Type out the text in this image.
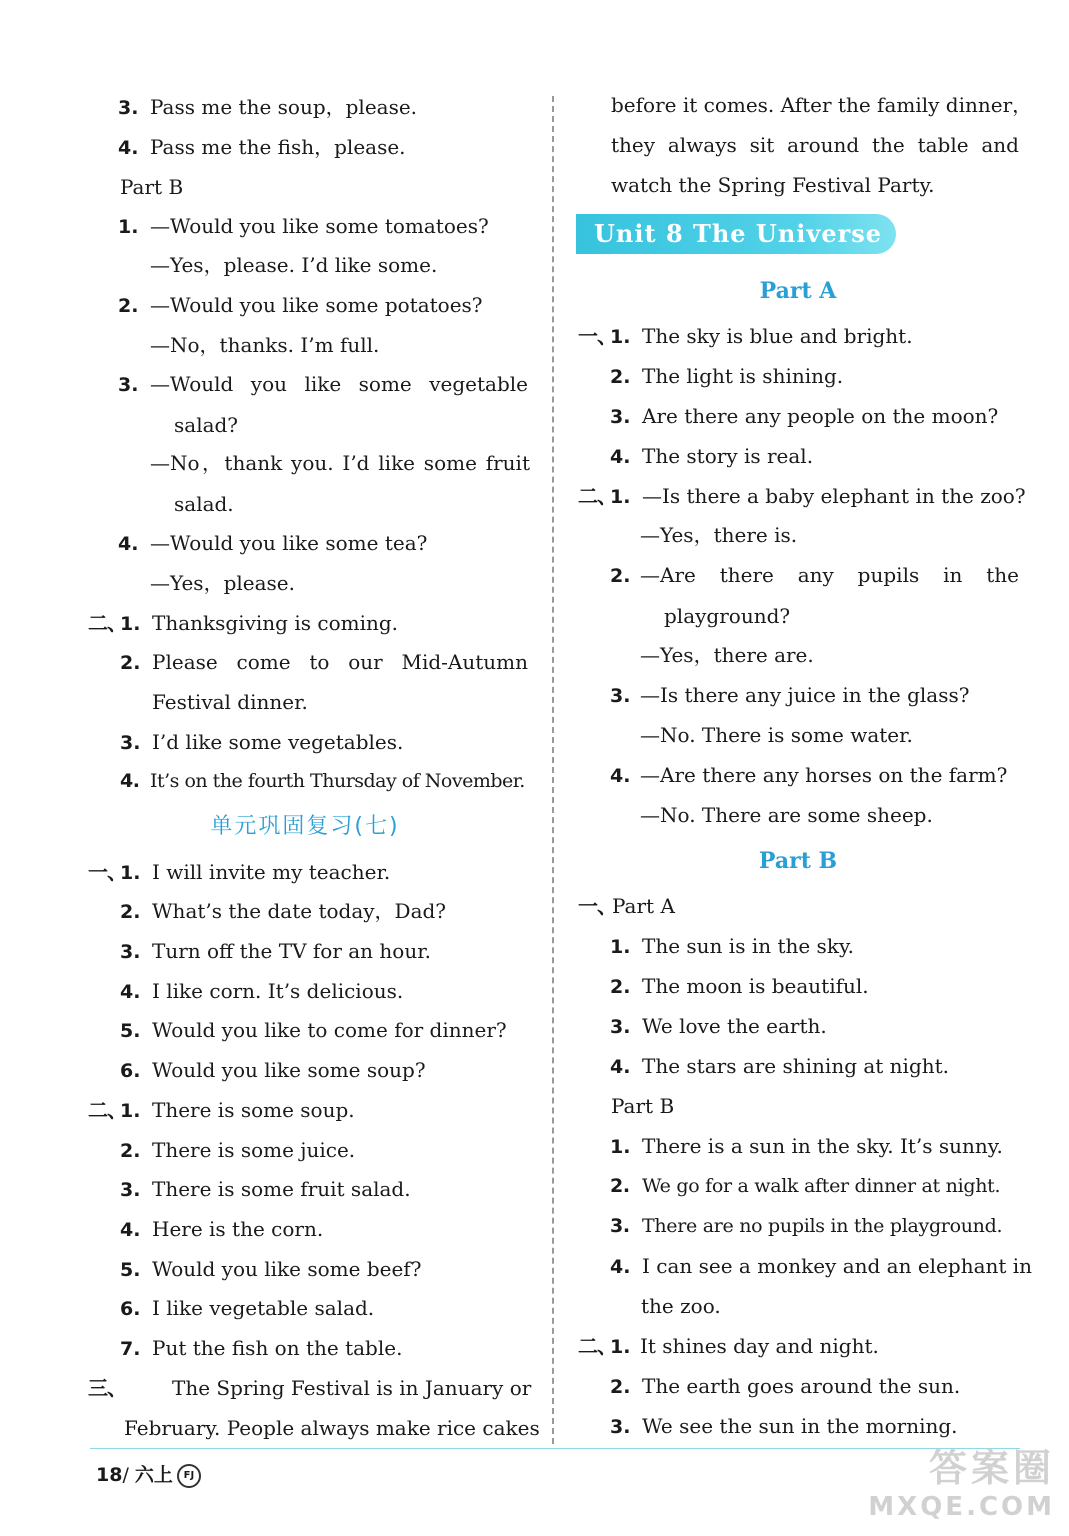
3. Pass me the soup，please.
4. Pass me the fish，please.
Part B
1. —Would you like some tomatoes?
—Yes，please. I’d like some.
2. —Would you like some potatoes?
—No，thanks. I’m full.
3. —Would you like some vegetable
salad?
—No，thank you. I’d like some fruit
salad.
4. —Would you like some tea?
—Yes，please.
二、1. Thanksgiving is coming.
2. Please come to our Mid-Autumn
Festival dinner.
3. I’d like some vegetables.
4. It’s on the fourth Thursday of November.
单元巩固复习(七)
一、1. I will invite my teacher.
2. What’s the date today，Dad?
3. Turn off the TV for an hour.
4. I like corn. It’s delicious.
5. Would you like to come for dinner?
6. Would you like some soup?
二、1. There is some soup.
2. There is some juice.
3. There is some fruit salad.
4. Here is the corn.
5. Would you like some beef?
6. I like vegetable salad.
7. Put the fish on the table.
三、 The Spring Festival is in January or
February. People always make rice cakes
before it comes. After the family dinner，
they always sit around the table and
watch the Spring Festival Party.
Unit 8 The Universe
Part A
一、1. The sky is blue and bright.
2. The light is shining.
3. Are there any people on the moon?
4. The story is real.
二、1. —Is there a baby elephant in the zoo?
—Yes，there is.
2. —Are there any pupils in the
playground?
—Yes，there are.
3. —Is there any juice in the glass?
—No. There is some water.
4. —Are there any horses on the farm?
—No. There are some sheep.
Part B
一、Part A
1. The sun is in the sky.
2. The moon is beautiful.
3. We love the earth.
4. The stars are shining at night.
Part B
1. There is a sun in the sky. It’s sunny.
2. We go for a walk after dinner at night.
3. There are no pupils in the playground.
4. I can see a monkey and an elephant in
the zoo.
二、1. It shines day and night.
2. The earth goes around the sun.
3. We see the sun in the morning.
18/ 六上 FJ	答案圈
MXQE.COM
